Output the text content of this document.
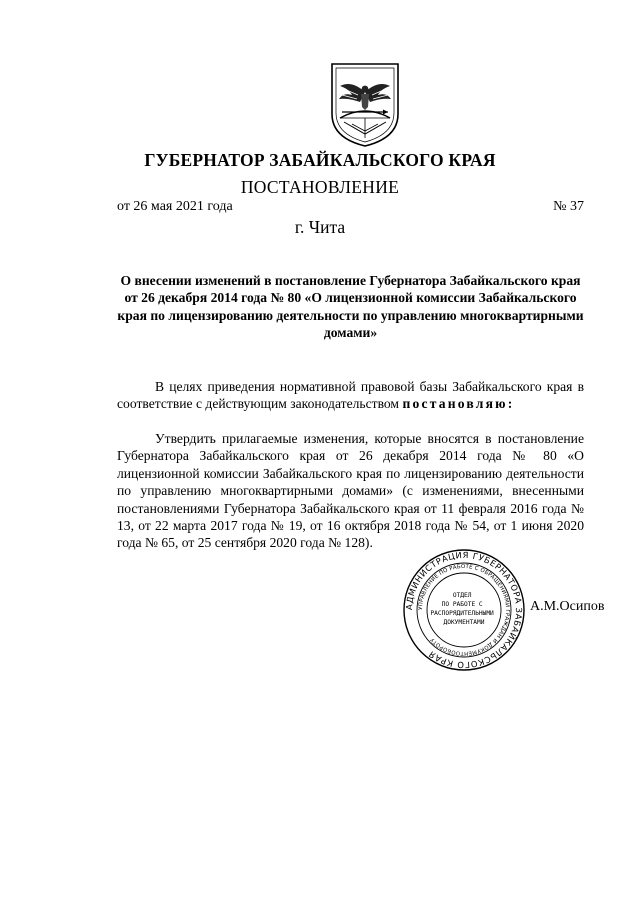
ГУБЕРНАТОР ЗАБАЙКАЛЬСКОГО КРАЯ
ПОСТАНОВЛЕНИЕ
от 26 мая 2021 года	№ 37
г. Чита
О внесении изменений в постановление Губернатора Забайкальского края от 26 декабря 2014 года № 80 «О лицензионной комиссии Забайкальского края по лицензированию деятельности по управлению многоквартирными домами»

В целях приведения нормативной правовой базы Забайкальского края в соответствие с действующим законодательством постановляю:

Утвердить прилагаемые изменения, которые вносятся в постановление Губернатора Забайкальского края от 26 декабря 2014 года № 80 «О лицензионной комиссии Забайкальского края по лицензированию деятельности по управлению многоквартирными домами» (с изменениями, внесенными постановлениями Губернатора Забайкальского края от 11 февраля 2016 года № 13, от 22 марта 2017 года № 19, от 16 октября 2018 года № 54, от 1 июня 2020 года № 65, от 25 сентября 2020 года № 128).

АДМИНИСТРАЦИЯ ГУБЕРНАТОРА ЗАБАЙКАЛЬСКОГО КРАЯ
УПРАВЛЕНИЕ ПО РАБОТЕ С ОБРАЩЕНИЯМИ ГРАЖДАН И ДОКУМЕНТООБОРОТУ
ОТДЕЛ ПО РАБОТЕ С РАСПОРЯДИТЕЛЬНЫМИ ДОКУМЕНТАМИ
А.М.Осипов
